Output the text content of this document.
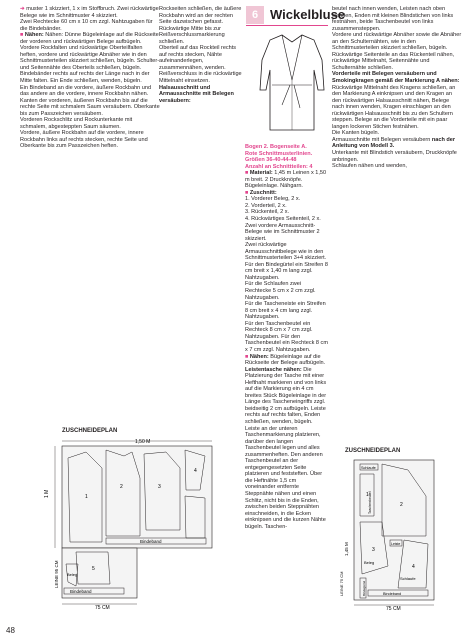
➜ muster 1 skizziert, 1 x im Stoffbruch. Zwei rückwärtige Belege wie im Schnittmuster 4 skizziert.
Zwei Rechtecke 60 cm x 10 cm zzgl. Nahtzugaben für die Bindebänder.

■ Nähen: Nähen: Dünne Bügeleinlage auf die Rückseite der vorderen und rückwärtigen Belege aufbügeln.
Vordere Rockfalten und rückwärtige Oberteilfalten heften, vordere und rückwärtige Abnäher wie in den Schnittmusterteilen skizziert schließen, bügeln. Schulter- und Seitennähte des Oberteils schließen, bügeln. Bindebänder rechts auf rechts der Länge nach in der Mitte falten. Ein Ende schließen, wenden, bügeln.
Ein Bindeband an die vordere, äußere Rockbahn und das andere an die vordere, innere Rockbahn nähen.
Kanten der vorderen, äußeren Rockbahn bis auf die rechte Seite mit schmalem Saum versäubern. Oberkante bis zum Passzeichen versäubern.
Vorderen Rockschlitz und Rockunterkante mit schmalem, abgesteppten Saum säumen.
Vordere, äußere Rockbahn auf die vordere, innere Rockbahn links auf rechts stecken, rechte Seite und Oberkante bis zum Passzeichen heften.

Rockseiten schließen, die äußere Rockbahn wird an der rechten Seite dazwischen gefasst. Rückwärtige Mitte bis zur Reißverschlussmarkierung schließen.
Oberteil auf das Rockteil rechts auf rechts stecken, Nähte aufeinanderlegen, zusammennähen, wenden.
Reißverschluss in die rückwärtige Mittelnaht einsetzen.

Halsausschnitt und Armausschnitte mit Belegen versäubern:

6 Wickelbluse

Bogen 2. Bogenseite A.
Rote Schnittmusterlinien.
Größen 36-40-44-48
Anzahl an Schnittteilen: 4

■ Material: 1,45 m Leinen x 1,50 m breit. 2 Druckknöpfe. Bügeleinlage. Nähgarn.

■ Zuschnitt:

1. Vorderer Beleg, 2 x.
2. Vorderteil, 2 x.
3. Rückenteil, 2 x.
4. Rückwärtiges Seitenteil, 2 x.
Zwei vordere Armausschnitt-Belege wie im Schnittmuster 2 skizziert.
Zwei rückwärtige Armausschnittbelege wie in den Schnittmusterteilen 3+4 skizziert.
Für den Bindegürtel ein Streifen 8 cm breit x 1,40 m lang zzgl. Nahtzugaben.
Für die Schlaufen zwei Rechtecke 5 cm x 2 cm zzgl. Nahtzugaben.
Für die Tascheneiste ein Streifen 8 cm breit x 4 cm lang zzgl. Nahtzugaben.
Für den Taschenbeutel ein Rechteck 8 cm x 7 cm zzgl. Nahtzugaben. Für den Taschenbeutel ein Rechteck 8 cm x 7 cm zzgl. Nahtzugaben.

■ Nähen: Bügeleinlage auf die Rückseite der Belege aufbügeln.

Leistentasche nähen: Die Platzierung der Tasche mit einer Hefthaht markieren und von links auf die Markierung ein 4 cm breites Stück Bügeleinlage in der Länge des Tascheneingriffs zzgl. beidseitig 2 cm aufbügeln. Leiste rechts auf rechts falten, Enden schließen, wenden, bügeln. Leiste an der unteren Taschenmarkierung platzieren, darüber den langen Taschenbeutel legen und alles zusammenheften. Den anderen Taschenbeutel an der entgegengesetzten Seite platzieren und feststeften. Über die Heftnähte 1,5 cm voneinander entfernte Steppnähte nähen und einen Schlitz, nicht bis in die Enden, zwischen beiden Steppnähten einschneiden, in die Ecken einknipsen und die kurzen Nähte bügeln. Taschen-

beutel nach innen wenden, Leisten nach oben wenden, Enden mit kleinen Blindstichen von links festnähen, beide Taschenbeutel von links zusammensteppen.
Vordere und rückwärtige Abnäher sowie die Abnäher an den Schulternähten, wie in den Schnittmusterteilen skizziert schließen, bügeln.
Rückwärtige Seitenteile an das Rückenteil nähen, rückwärtige Mittelnaht, Seitennähte und Schulternähte schließen.

Vorderteile mit Belegen versäubern und Smokingkragen gemäß der Markierung A nähen: Rückwärtige Mittelnaht des Kragens schließen, an den Markierung A einknipsen und den Kragen an den rückwärtigen Halsausschnitt nähen, Belege nach innen wenden, Kragen einschlagen an den rückwärtigen Halsausschnitt bis zu den Schultern steppen. Belege an die Vorderteile mit ein paar langen lockeren Stichen festnähen.
Die Kanten bügeln.
Armausschnitte mit Belegen versäubern nach der Anleitung von Modell 3.
Unterkante mit Blindstich versäubern, Druckknöpfe anbringen.
Schlaufen nähen und wenden,

ZUSCHNEIDEPLAN
1,50 M
1 M
75 CM
LEINE 95 CM
1
2	3
4
5
Bindeband
Beleg
Bindeband
ZUSCHNEIDEPLAN
75 CM
1,45 M
LEINE 75 CM
1
2
3
4
Schlaufe
Taschenbeutel
Leiste
Schlaufe
Beleg
Bindeband
Bindegürtel
48
